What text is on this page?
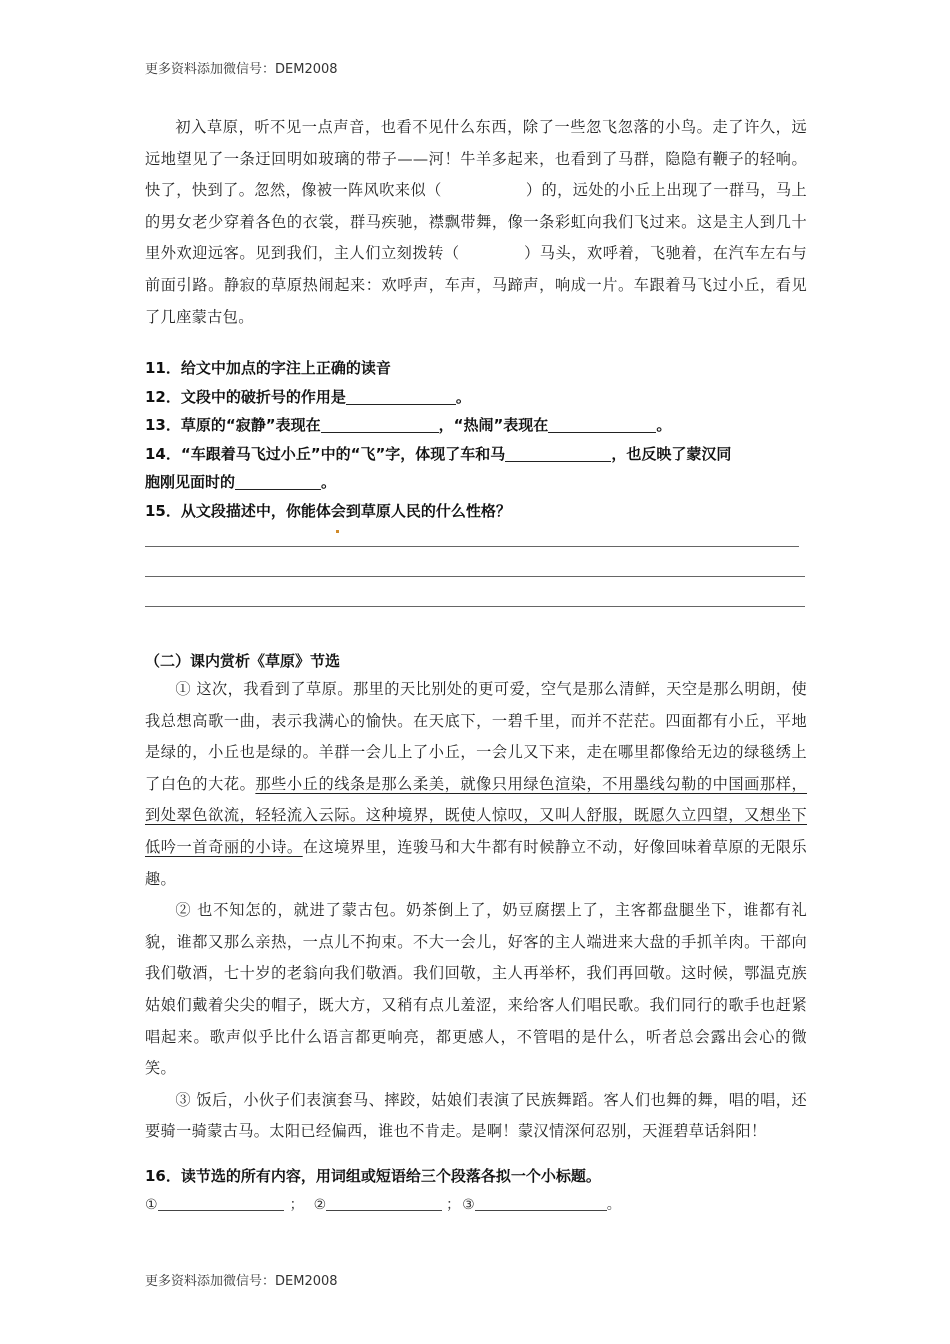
更多资料添加微信号：DEM2008

初入草原，听不见一点声音，也看不见什么东西，除了一些忽飞忽落的小鸟。走了许久，远远地望见了一条迂回明如玻璃的带子——河！牛羊多起来，也看到了马群，隐隐有鞭子的轻响。快了，快到了。忽然，像被一阵风吹来似（	）的，远处的小丘上出现了一群马，马上的男女老少穿着各色的衣裳，群马疾驰，襟飘带舞，像一条彩虹向我们飞过来。这是主人到几十里外欢迎远客。见到我们，主人们立刻拨转（	）马头，欢呼着，飞驰着，在汽车左右与前面引路。静寂的草原热闹起来：欢呼声，车声，马蹄声，响成一片。车跟着马飞过小丘，看见了几座蒙古包。

11．给文中加点的字注上正确的读音
12．文段中的破折号的作用是	。
13．草原的“寂静”表现在	，“热闹”表现在	。
14．“车跟着马飞过小丘”中的“飞”字，体现了车和马	，也反映了蒙汉同
胞刚见面时的	。
15．从文段描述中，你能体会到草原人民的什么性格？
（二）课内赏析《草原》节选

① 这次，我看到了草原。那里的天比别处的更可爱，空气是那么清鲜，天空是那么明朗，使我总想高歌一曲，表示我满心的愉快。在天底下，一碧千里，而并不茫茫。四面都有小丘，平地是绿的，小丘也是绿的。羊群一会儿上了小丘，一会儿又下来，走在哪里都像给无边的绿毯绣上了白色的大花。那些小丘的线条是那么柔美，就像只用绿色渲染，不用墨线勾勒的中国画那样，到处翠色欲流，轻轻流入云际。这种境界，既使人惊叹，又叫人舒服，既愿久立四望，又想坐下低吟一首奇丽的小诗。在这境界里，连骏马和大牛都有时候静立不动，好像回味着草原的无限乐趣。

② 也不知怎的，就进了蒙古包。奶茶倒上了，奶豆腐摆上了，主客都盘腿坐下，谁都有礼貌，谁都又那么亲热，一点儿不拘束。不大一会儿，好客的主人端进来大盘的手抓羊肉。干部向我们敬酒，七十岁的老翁向我们敬酒。我们回敬，主人再举杯，我们再回敬。这时候，鄂温克族姑娘们戴着尖尖的帽子，既大方，又稍有点儿羞涩，来给客人们唱民歌。我们同行的歌手也赶紧唱起来。歌声似乎比什么语言都更响亮，都更感人，不管唱的是什么，听者总会露出会心的微笑。

③ 饭后，小伙子们表演套马、摔跤，姑娘们表演了民族舞蹈。客人们也舞的舞，唱的唱，还要骑一骑蒙古马。太阳已经偏西，谁也不肯走。是啊！蒙汉情深何忍别，天涯碧草话斜阳！

16．读节选的所有内容，用词组或短语给三个段落各拟一个小标题。
①	； ②	； ③	。
更多资料添加微信号：DEM2008
